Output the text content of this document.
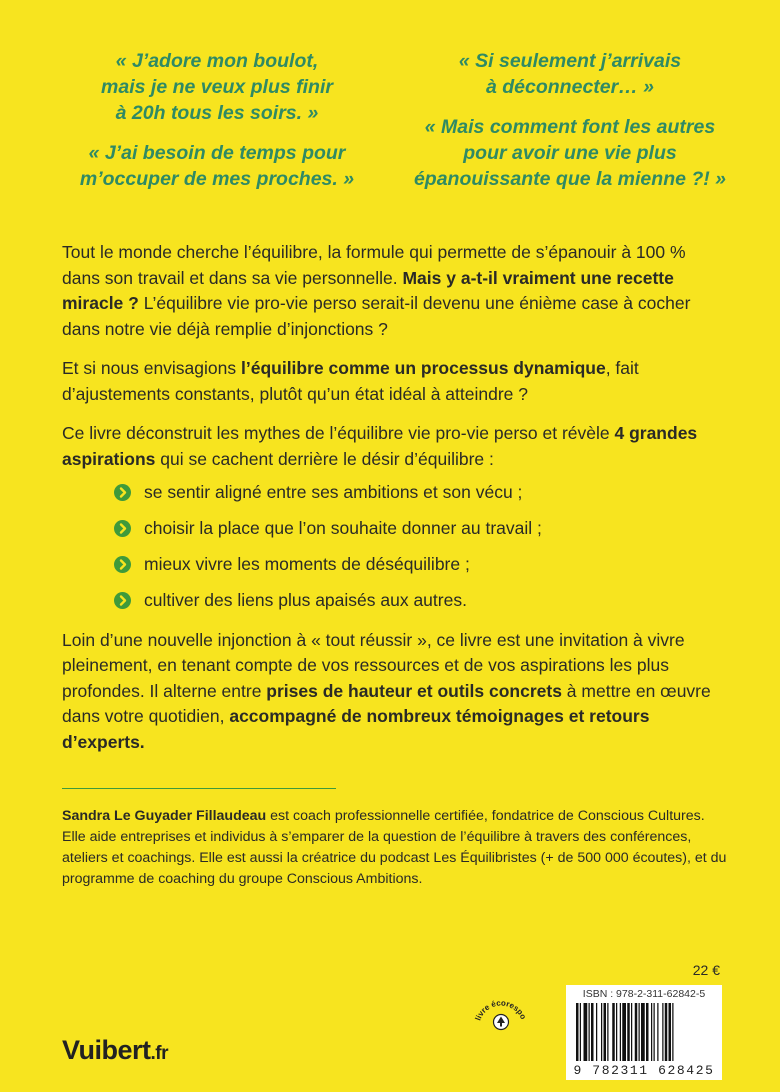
« J’adore mon boulot,
mais je ne veux plus finir
à 20h tous les soirs. »

« J’ai besoin de temps pour
m’occuper de mes proches. »

« Si seulement j’arrivais
à déconnecter… »

« Mais comment font les autres
pour avoir une vie plus
épanouissante que la mienne ?! »

Tout le monde cherche l’équilibre, la formule qui permette de s’épanouir à 100 % dans son travail et dans sa vie personnelle. Mais y a-t-il vraiment une recette miracle ? L’équilibre vie pro-vie perso serait-il devenu une énième case à cocher dans notre vie déjà remplie d’injonctions ?

Et si nous envisagions l’équilibre comme un processus dynamique, fait d’ajustements constants, plutôt qu’un état idéal à atteindre ?

Ce livre déconstruit les mythes de l’équilibre vie pro-vie perso et révèle 4 grandes aspirations qui se cachent derrière le désir d’équilibre :

se sentir aligné entre ses ambitions et son vécu ;
choisir la place que l’on souhaite donner au travail ;
mieux vivre les moments de déséquilibre ;
cultiver des liens plus apaisés aux autres.

Loin d’une nouvelle injonction à « tout réussir », ce livre est une invitation à vivre pleinement, en tenant compte de vos ressources et de vos aspirations les plus profondes. Il alterne entre prises de hauteur et outils concrets à mettre en œuvre dans votre quotidien, accompagné de nombreux témoignages et retours d’experts.

Sandra Le Guyader Fillaudeau est coach professionnelle certifiée, fondatrice de Conscious Cultures. Elle aide entreprises et individus à s’emparer de la question de l’équilibre à travers des conférences, ateliers et coachings. Elle est aussi la créatrice du podcast Les Équilibristes (+ de 500 000 écoutes), et du programme de coaching du groupe Conscious Ambitions.
22 €
livre écorespo
ISBN : 978-2-311-62842-5
9 782311 628425
Vuibert.fr
